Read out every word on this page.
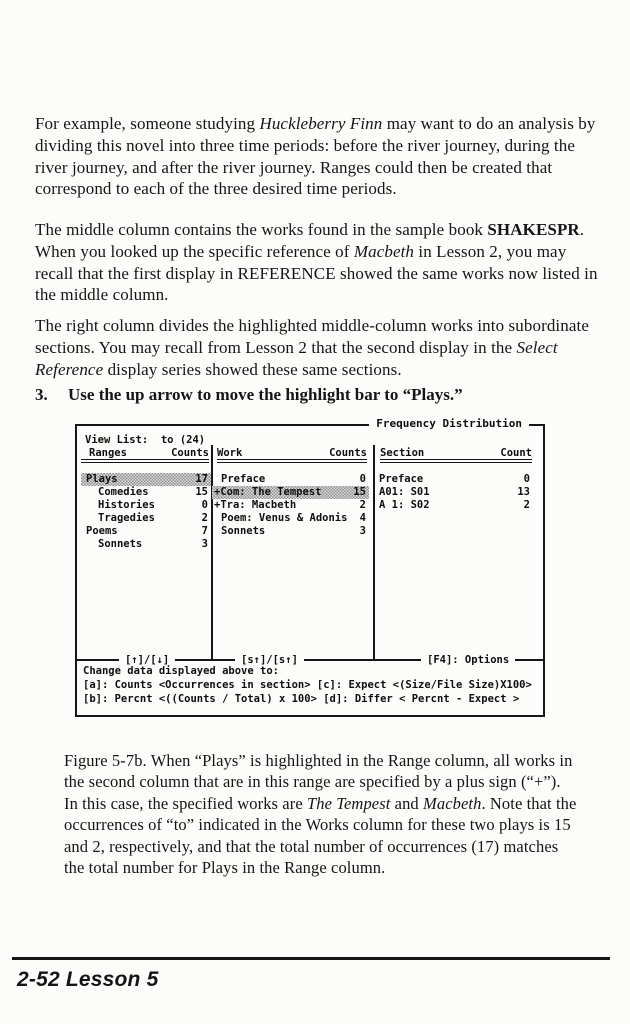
For example, someone studying Huckleberry Finn may want to do an analysis by dividing this novel into three time periods: before the river journey, during the river journey, and after the river journey. Ranges could then be created that correspond to each of the three desired time periods.

The middle column contains the works found in the sample book SHAKESPR. When you looked up the specific reference of Macbeth in Lesson 2, you may recall that the first display in REFERENCE showed the same works now listed in the middle column.

The right column divides the highlighted middle-column works into subordinate sections. You may recall from Lesson 2 that the second display in the Select Reference display series showed these same sections.

3.	Use the up arrow to move the highlight bar to “Plays.”
Frequency Distribution
View List:  to (24)
Ranges	Counts Work	Counts Section	Count
Plays	17
Comedies	15
Histories	0
Tragedies	2
Poems	7
Sonnets	3
Preface	0
+Com: The Tempest	15
+Tra: Macbeth	2
Poem: Venus & Adonis 4
Sonnets	3
Preface	0
A01: S01	13
A 1: S02	2
[↑]/[↓]	[s↑]/[s↑]	[F4]: Options
Change data displayed above to:
[a]: Counts <Occurrences in section> [c]: Expect <(Size/File Size)X100>
[b]: Percnt <((Counts / Total) x 100> [d]: Differ < Percnt - Expect >

Figure 5-7b. When “Plays” is highlighted in the Range column, all works in the second column that are in this range are specified by a plus sign (“+”). In this case, the specified works are The Tempest and Macbeth. Note that the occurrences of “to” indicated in the Works column for these two plays is 15 and 2, respectively, and that the total number of occurrences (17) matches the total number for Plays in the Range column.

2-52 Lesson 5
